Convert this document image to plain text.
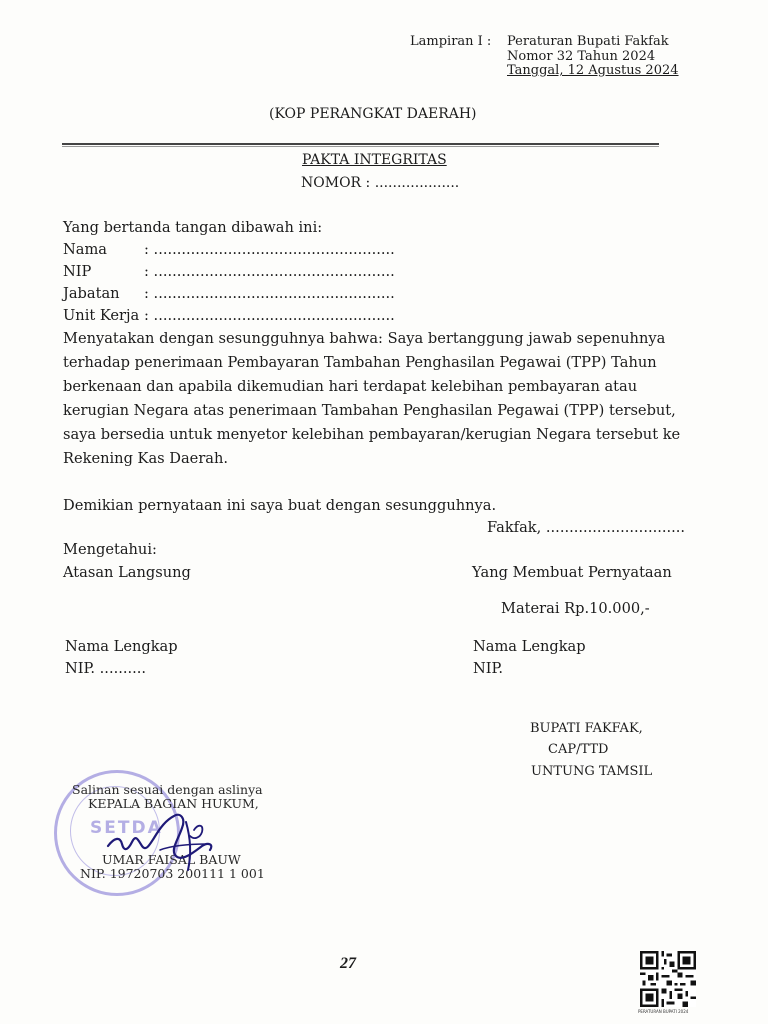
Lampiran I : Peraturan Bupati Fakfak
Nomor 32 Tahun 2024
Tanggal, 12 Agustus 2024
(KOP PERANGKAT DAERAH)
PAKTA INTEGRITAS
NOMOR : ...................
Yang bertanda tangan dibawah ini:
Nama	: ....................................................
NIP	: ....................................................
Jabatan : ....................................................
Unit Kerja : ....................................................
Menyatakan dengan sesungguhnya bahwa: Saya bertanggung jawab sepenuhnya
terhadap penerimaan Pembayaran Tambahan Penghasilan Pegawai (TPP) Tahun
berkenaan dan apabila dikemudian hari terdapat kelebihan pembayaran atau
kerugian Negara atas penerimaan Tambahan Penghasilan Pegawai (TPP) tersebut,
saya bersedia untuk menyetor kelebihan pembayaran/kerugian Negara tersebut ke
Rekening Kas Daerah.
Demikian pernyataan ini saya buat dengan sesungguhnya.
Fakfak, ..............................
Mengetahui:
Atasan Langsung	Yang Membuat Pernyataan
Materai Rp.10.000,-
Nama Lengkap
NIP. ..........
Nama Lengkap
NIP.
BUPATI FAKFAK,
CAP/TTD
UNTUNG TAMSIL
SETDA
Salinan sesuai dengan aslinya
KEPALA BAGIAN HUKUM,
UMAR FAISAL BAUW
NIP. 19720703 200111 1 001
27
PERATURAN BUPATI 2024
